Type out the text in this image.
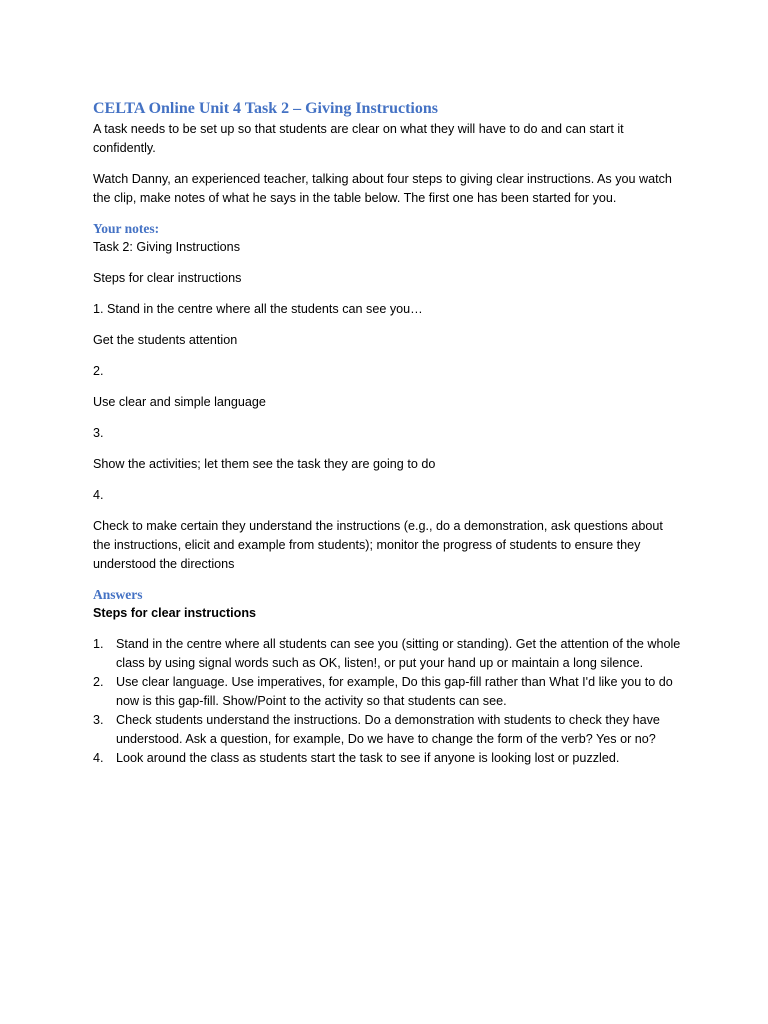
CELTA Online Unit 4 Task 2 – Giving Instructions

A task needs to be set up so that students are clear on what they will have to do and can start it confidently.

Watch Danny, an experienced teacher, talking about four steps to giving clear instructions. As you watch the clip, make notes of what he says in the table below. The first one has been started for you.

Your notes:

Task 2: Giving Instructions

Steps for clear instructions

1. Stand in the centre where all the students can see you…

Get the students attention

2.

Use clear and simple language

3.

Show the activities; let them see the task they are going to do

4.

Check to make certain they understand the instructions (e.g., do a demonstration, ask questions about the instructions, elicit and example from students); monitor the progress of students to ensure they understood the directions

Answers

Steps for clear instructions

1. Stand in the centre where all students can see you (sitting or standing). Get the attention of the whole class by using signal words such as OK, listen!, or put your hand up or maintain a long silence.
2. Use clear language. Use imperatives, for example, Do this gap-fill rather than What I'd like you to do now is this gap-fill. Show/Point to the activity so that students can see.
3. Check students understand the instructions. Do a demonstration with students to check they have understood. Ask a question, for example, Do we have to change the form of the verb? Yes or no?
4. Look around the class as students start the task to see if anyone is looking lost or puzzled.
